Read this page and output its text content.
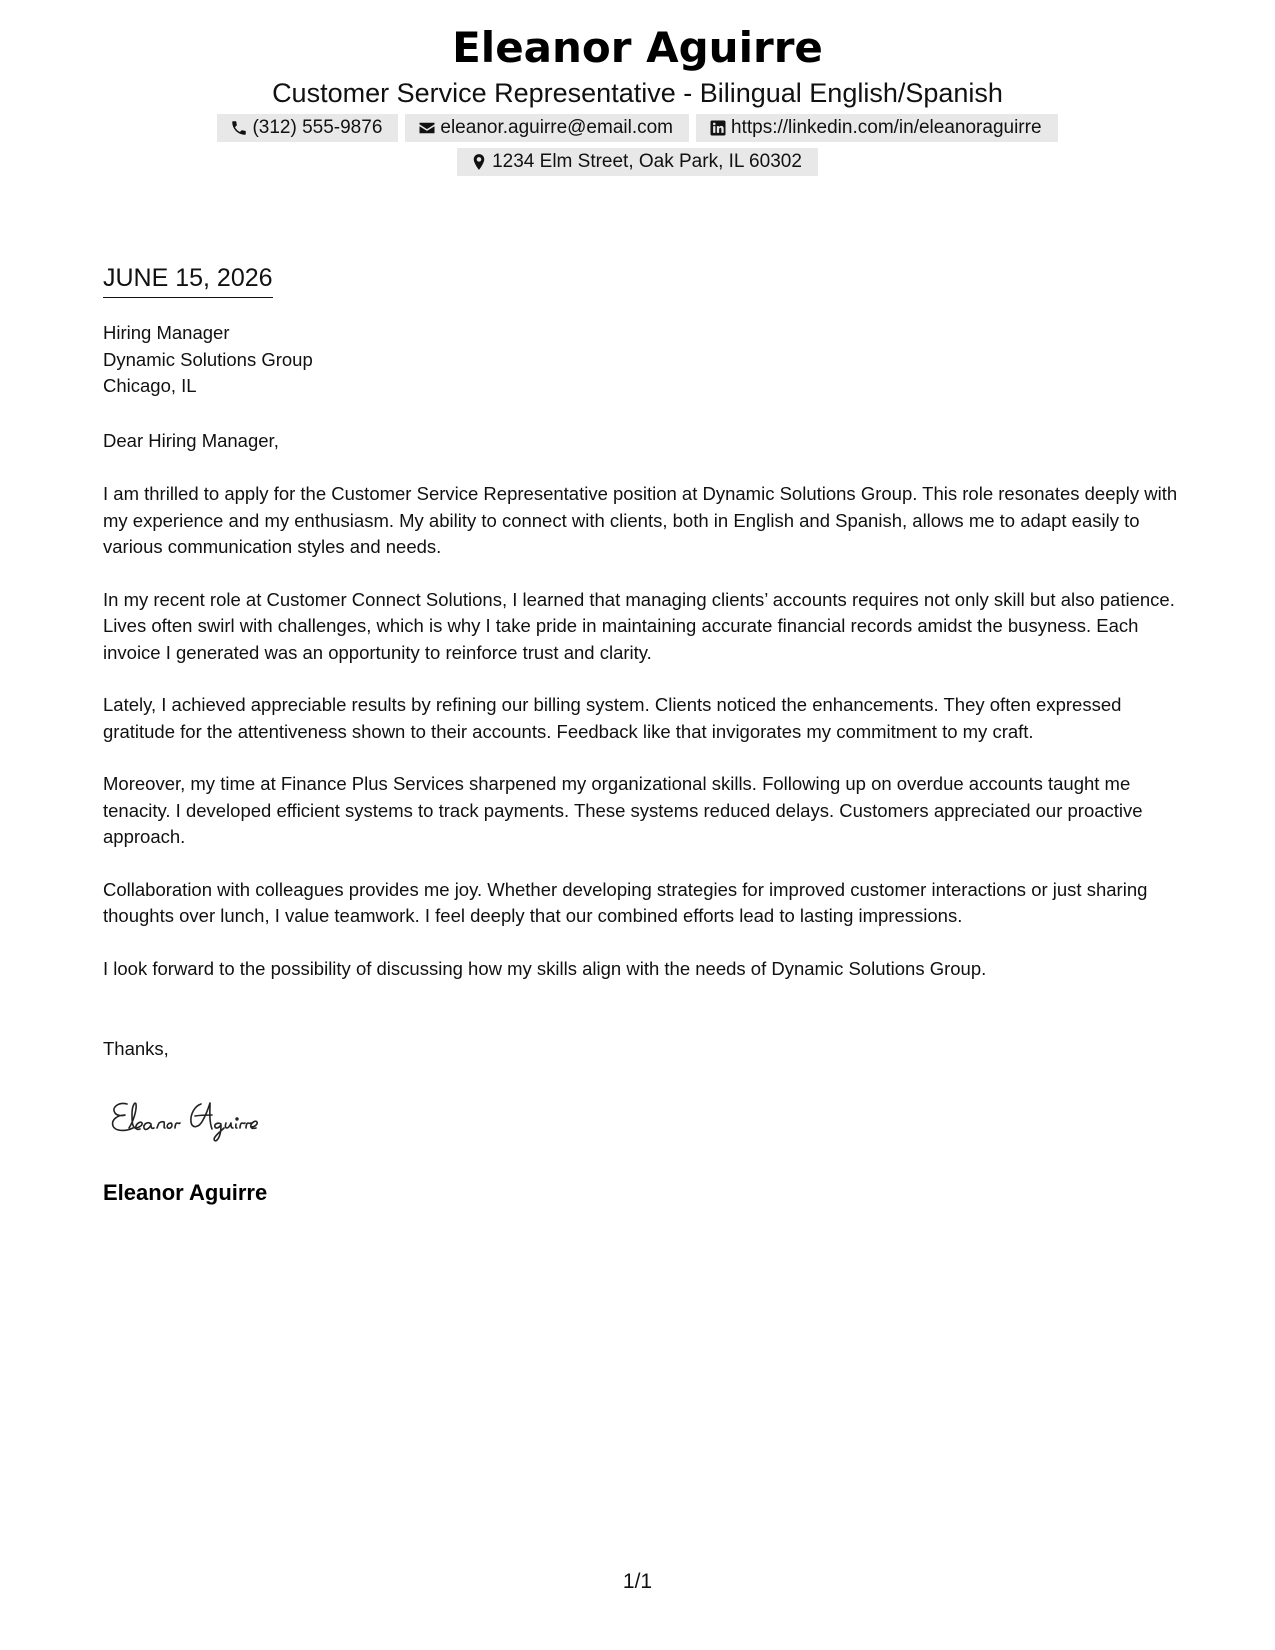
Eleanor Aguirre
Customer Service Representative - Bilingual English/Spanish
(312) 555-9876	eleanor.aguirre@email.com	https://linkedin.com/in/eleanoraguirre
1234 Elm Street, Oak Park, IL 60302
JUNE 15, 2026
Hiring Manager
Dynamic Solutions Group
Chicago, IL
Dear Hiring Manager,

I am thrilled to apply for the Customer Service Representative position at Dynamic Solutions Group. This role resonates deeply with my experience and my enthusiasm. My ability to connect with clients, both in English and Spanish, allows me to adapt easily to various communication styles and needs.

In my recent role at Customer Connect Solutions, I learned that managing clients’ accounts requires not only skill but also patience. Lives often swirl with challenges, which is why I take pride in maintaining accurate financial records amidst the busyness. Each invoice I generated was an opportunity to reinforce trust and clarity.

Lately, I achieved appreciable results by refining our billing system. Clients noticed the enhancements. They often expressed gratitude for the attentiveness shown to their accounts. Feedback like that invigorates my commitment to my craft.

Moreover, my time at Finance Plus Services sharpened my organizational skills. Following up on overdue accounts taught me tenacity. I developed efficient systems to track payments. These systems reduced delays. Customers appreciated our proactive approach.

Collaboration with colleagues provides me joy. Whether developing strategies for improved customer interactions or just sharing thoughts over lunch, I value teamwork. I feel deeply that our combined efforts lead to lasting impressions.

I look forward to the possibility of discussing how my skills align with the needs of Dynamic Solutions Group.

Thanks,
Eleanor Aguirre
1/1
